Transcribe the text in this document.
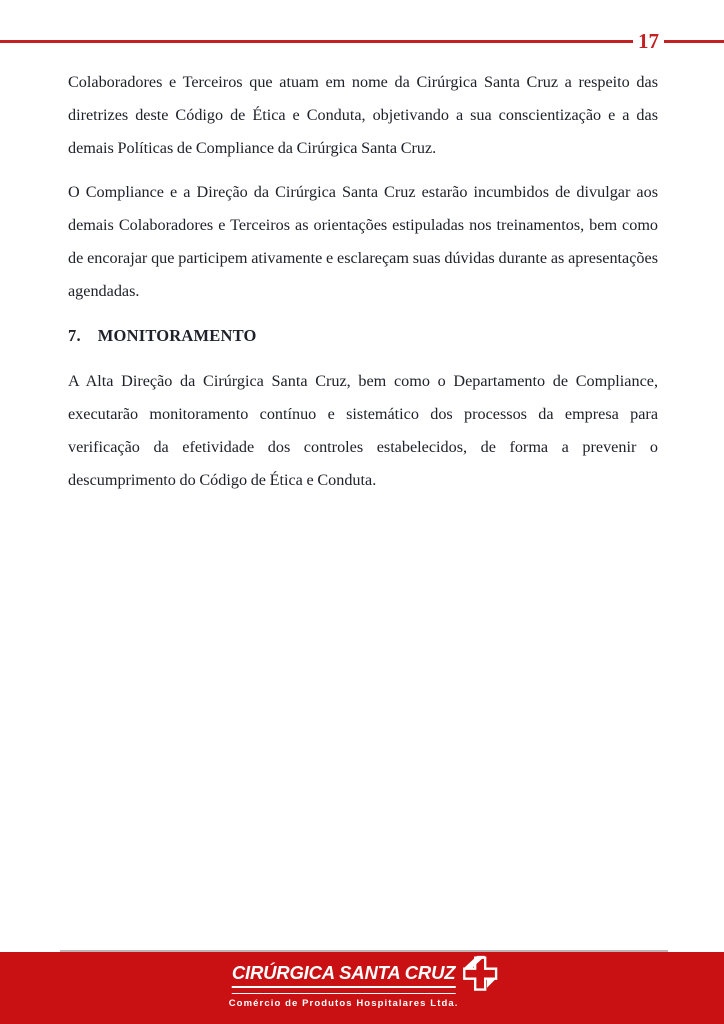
17

Colaboradores e Terceiros que atuam em nome da Cirúrgica Santa Cruz a respeito das diretrizes deste Código de Ética e Conduta, objetivando a sua conscientização e a das demais Políticas de Compliance da Cirúrgica Santa Cruz.

O Compliance e a Direção da Cirúrgica Santa Cruz estarão incumbidos de divulgar aos demais Colaboradores e Terceiros as orientações estipuladas nos treinamentos, bem como de encorajar que participem ativamente e esclareçam suas dúvidas durante as apresentações agendadas.

7. MONITORAMENTO

A Alta Direção da Cirúrgica Santa Cruz, bem como o Departamento de Compliance, executarão monitoramento contínuo e sistemático dos processos da empresa para verificação da efetividade dos controles estabelecidos, de forma a prevenir o descumprimento do Código de Ética e Conduta.

CIRÚRGICA SANTA CRUZ
Comércio de Produtos Hospitalares Ltda.
